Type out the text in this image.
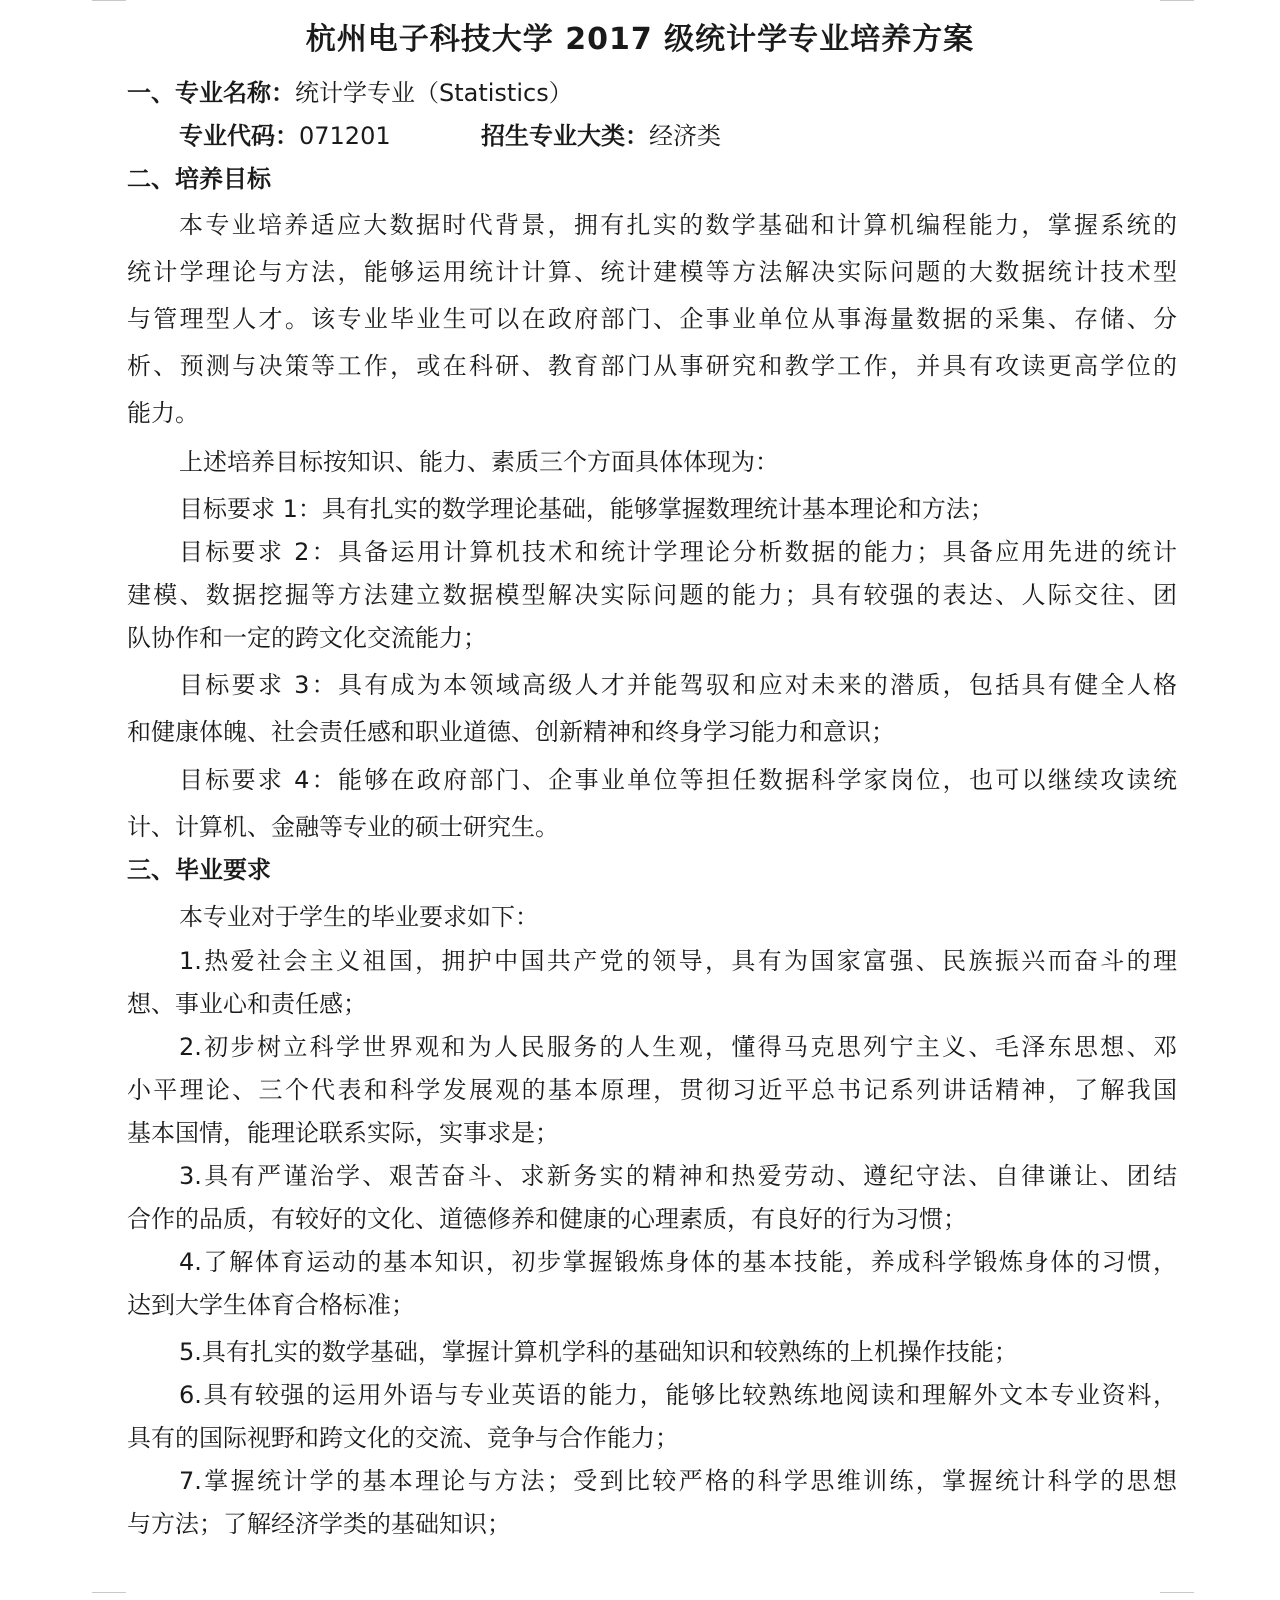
杭州电子科技大学 2017 级统计学专业培养方案
一、专业名称：统计学专业（Statistics）
专业代码：071201	招生专业大类：经济类
二、培养目标
本专业培养适应大数据时代背景，拥有扎实的数学基础和计算机编程能力，掌握系统的
统计学理论与方法，能够运用统计计算、统计建模等方法解决实际问题的大数据统计技术型
与管理型人才。该专业毕业生可以在政府部门、企事业单位从事海量数据的采集、存储、分
析、预测与决策等工作，或在科研、教育部门从事研究和教学工作，并具有攻读更高学位的
能力。
上述培养目标按知识、能力、素质三个方面具体体现为：
目标要求 1：具有扎实的数学理论基础，能够掌握数理统计基本理论和方法；
目标要求 2：具备运用计算机技术和统计学理论分析数据的能力；具备应用先进的统计
建模、数据挖掘等方法建立数据模型解决实际问题的能力；具有较强的表达、人际交往、团
队协作和一定的跨文化交流能力；
目标要求 3：具有成为本领域高级人才并能驾驭和应对未来的潜质，包括具有健全人格
和健康体魄、社会责任感和职业道德、创新精神和终身学习能力和意识；
目标要求 4：能够在政府部门、企事业单位等担任数据科学家岗位，也可以继续攻读统
计、计算机、金融等专业的硕士研究生。
三、毕业要求
本专业对于学生的毕业要求如下：
1.热爱社会主义祖国，拥护中国共产党的领导，具有为国家富强、民族振兴而奋斗的理
想、事业心和责任感；
2.初步树立科学世界观和为人民服务的人生观，懂得马克思列宁主义、毛泽东思想、邓
小平理论、三个代表和科学发展观的基本原理，贯彻习近平总书记系列讲话精神，了解我国
基本国情，能理论联系实际，实事求是；
3.具有严谨治学、艰苦奋斗、求新务实的精神和热爱劳动、遵纪守法、自律谦让、团结
合作的品质，有较好的文化、道德修养和健康的心理素质，有良好的行为习惯；
4.了解体育运动的基本知识，初步掌握锻炼身体的基本技能，养成科学锻炼身体的习惯，
达到大学生体育合格标准；
5.具有扎实的数学基础，掌握计算机学科的基础知识和较熟练的上机操作技能；
6.具有较强的运用外语与专业英语的能力，能够比较熟练地阅读和理解外文本专业资料，
具有的国际视野和跨文化的交流、竞争与合作能力；
7.掌握统计学的基本理论与方法；受到比较严格的科学思维训练，掌握统计科学的思想
与方法；了解经济学类的基础知识；
